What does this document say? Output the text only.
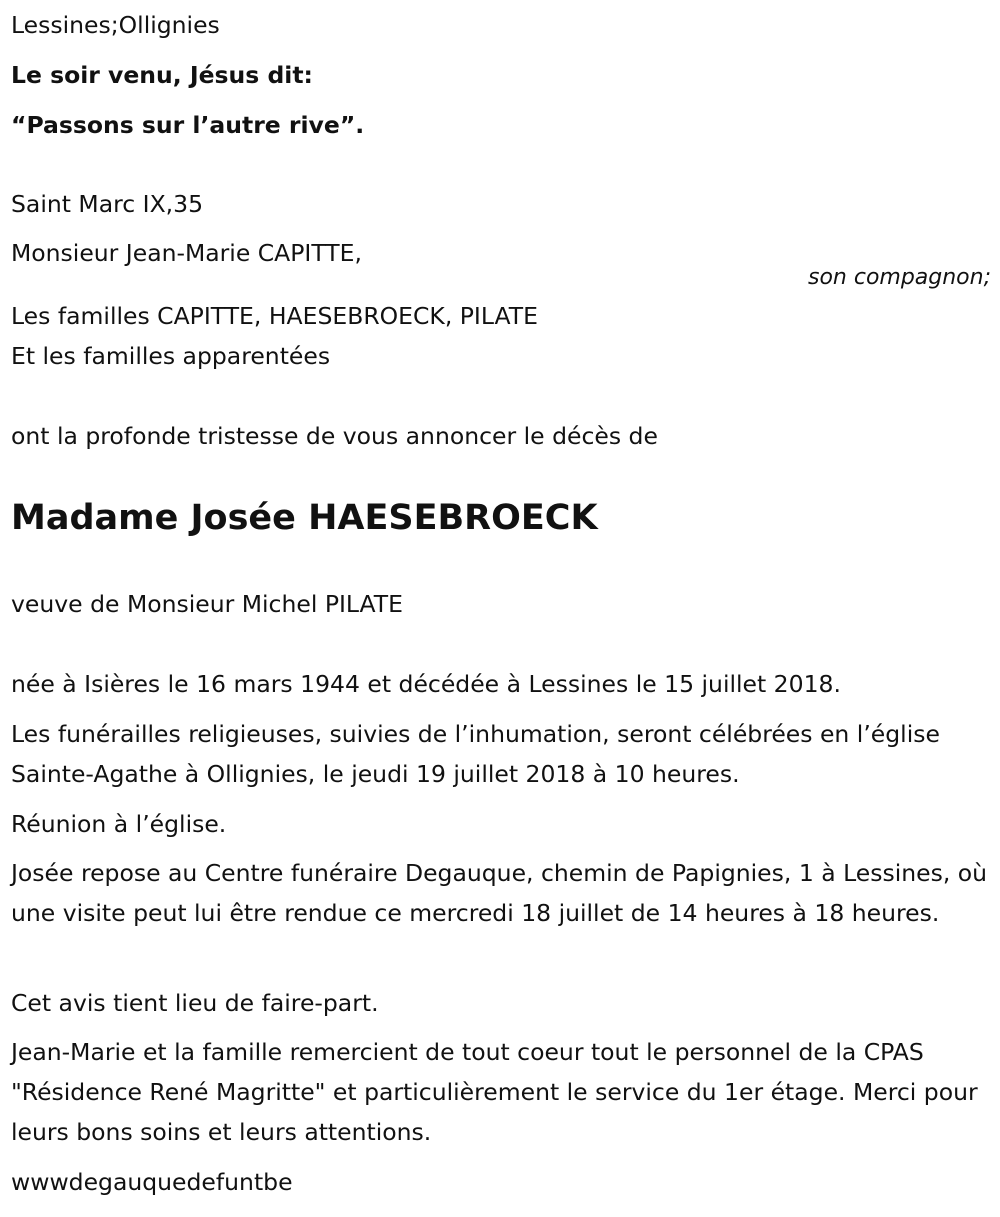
Lessines;Ollignies

Le soir venu, Jésus dit:

“Passons sur l’autre rive”.

Saint Marc IX,35

Monsieur Jean-Marie CAPITTE,

son compagnon;

Les familles CAPITTE, HAESEBROECK, PILATE

Et les familles apparentées

ont la profonde tristesse de vous annoncer le décès de

Madame Josée HAESEBROECK

veuve de Monsieur Michel PILATE

née à Isières le 16 mars 1944 et décédée à Lessines le 15 juillet 2018.

Les funérailles religieuses, suivies de l’inhumation, seront célébrées en l’église Sainte-Agathe à Ollignies, le jeudi 19 juillet 2018 à 10 heures.

Réunion à l’église.

Josée repose au Centre funéraire Degauque, chemin de Papignies, 1 à Lessines, où une visite peut lui être rendue ce mercredi 18 juillet de 14 heures à 18 heures.

Cet avis tient lieu de faire-part.

Jean-Marie et la famille remercient de tout coeur tout le personnel de la CPAS "Résidence René Magritte" et particulièrement le service du 1er étage. Merci pour leurs bons soins et leurs attentions.

wwwdegauquedefuntbe
